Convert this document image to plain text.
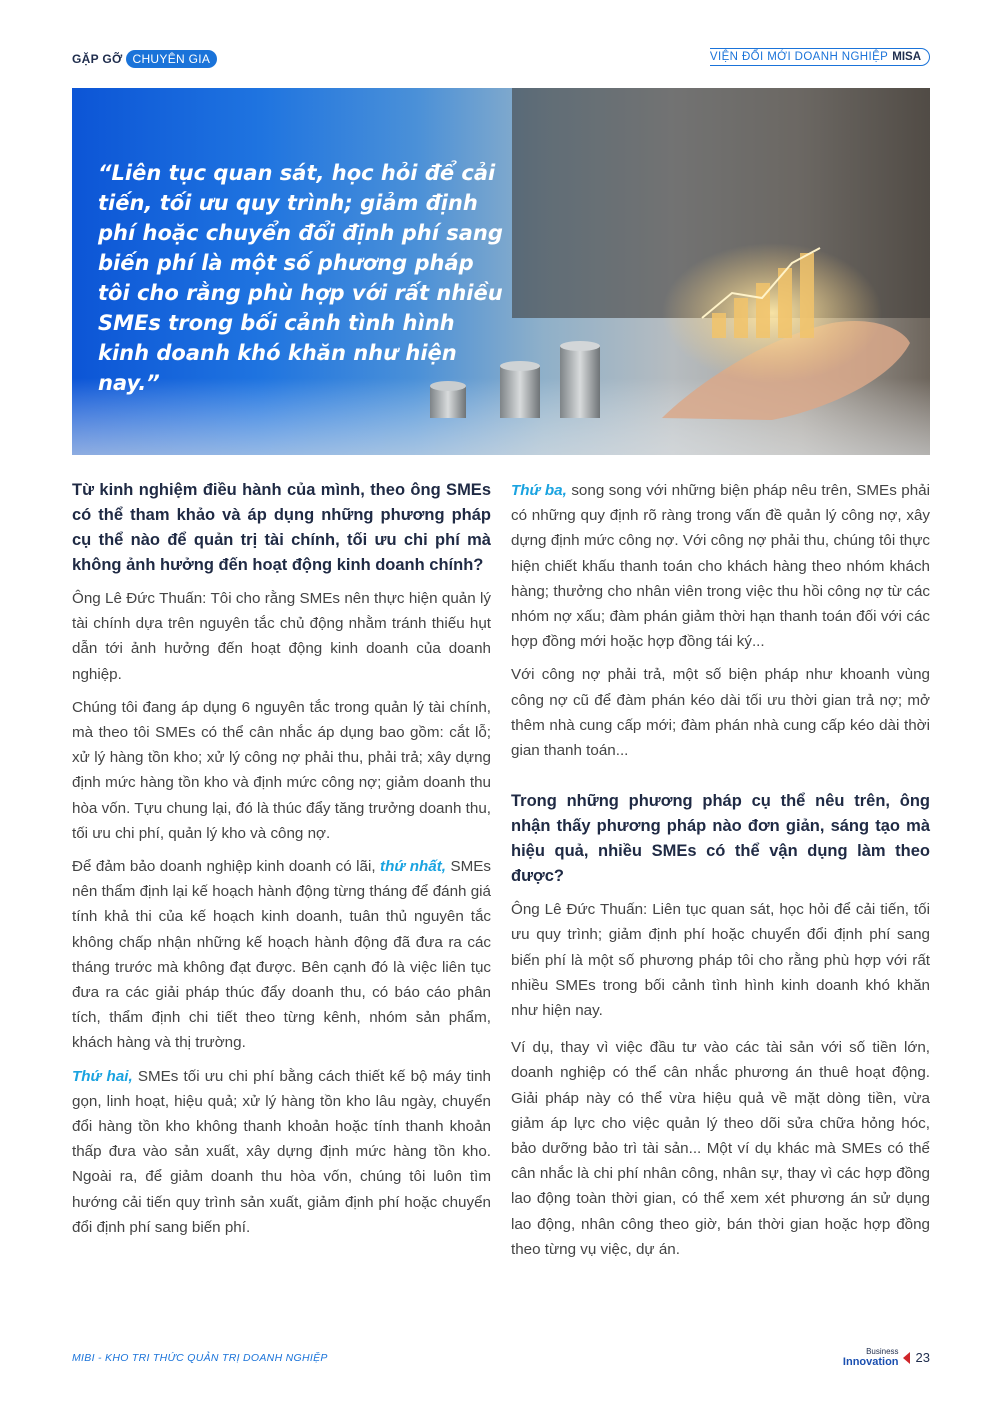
GẶP GỠ CHUYÊN GIA	VIỆN ĐỔI MỚI DOANH NGHIỆP MISA
“Liên tục quan sát, học hỏi để cải tiến, tối ưu quy trình; giảm định phí hoặc chuyển đổi định phí sang biến phí là một số phương pháp tôi cho rằng phù hợp với rất nhiều SMEs trong bối cảnh tình hình kinh doanh khó khăn như hiện nay.”

Từ kinh nghiệm điều hành của mình, theo ông SMEs có thể tham khảo và áp dụng những phương pháp cụ thể nào để quản trị tài chính, tối ưu chi phí mà không ảnh hưởng đến hoạt động kinh doanh chính?

Ông Lê Đức Thuấn: Tôi cho rằng SMEs nên thực hiện quản lý tài chính dựa trên nguyên tắc chủ động nhằm tránh thiếu hụt dẫn tới ảnh hưởng đến hoạt động kinh doanh của doanh nghiệp.

Chúng tôi đang áp dụng 6 nguyên tắc trong quản lý tài chính, mà theo tôi SMEs có thể cân nhắc áp dụng bao gồm: cắt lỗ; xử lý hàng tồn kho; xử lý công nợ phải thu, phải trả; xây dựng định mức hàng tồn kho và định mức công nợ; giảm doanh thu hòa vốn. Tựu chung lại, đó là thúc đẩy tăng trưởng doanh thu, tối ưu chi phí, quản lý kho và công nợ.

Để đảm bảo doanh nghiệp kinh doanh có lãi, thứ nhất, SMEs nên thẩm định lại kế hoạch hành động từng tháng để đánh giá tính khả thi của kế hoạch kinh doanh, tuân thủ nguyên tắc không chấp nhận những kế hoạch hành động đã đưa ra các tháng trước mà không đạt được. Bên cạnh đó là việc liên tục đưa ra các giải pháp thúc đẩy doanh thu, có báo cáo phân tích, thẩm định chi tiết theo từng kênh, nhóm sản phẩm, khách hàng và thị trường.

Thứ hai, SMEs tối ưu chi phí bằng cách thiết kế bộ máy tinh gọn, linh hoạt, hiệu quả; xử lý hàng tồn kho lâu ngày, chuyển đổi hàng tồn kho không thanh khoản hoặc tính thanh khoản thấp đưa vào sản xuất, xây dựng định mức hàng tồn kho. Ngoài ra, để giảm doanh thu hòa vốn, chúng tôi luôn tìm hướng cải tiến quy trình sản xuất, giảm định phí hoặc chuyển đổi định phí sang biến phí.

Thứ ba, song song với những biện pháp nêu trên, SMEs phải có những quy định rõ ràng trong vấn đề quản lý công nợ, xây dựng định mức công nợ. Với công nợ phải thu, chúng tôi thực hiện chiết khấu thanh toán cho khách hàng theo nhóm khách hàng; thưởng cho nhân viên trong việc thu hồi công nợ từ các nhóm nợ xấu; đàm phán giảm thời hạn thanh toán đối với các hợp đồng mới hoặc hợp đồng tái ký...

Với công nợ phải trả, một số biện pháp như khoanh vùng công nợ cũ để đàm phán kéo dài tối ưu thời gian trả nợ; mở thêm nhà cung cấp mới; đàm phán nhà cung cấp kéo dài thời gian thanh toán...

Trong những phương pháp cụ thể nêu trên, ông nhận thấy phương pháp nào đơn giản, sáng tạo mà hiệu quả, nhiều SMEs có thể vận dụng làm theo được?

Ông Lê Đức Thuấn: Liên tục quan sát, học hỏi để cải tiến, tối ưu quy trình; giảm định phí hoặc chuyển đổi định phí sang biến phí là một số phương pháp tôi cho rằng phù hợp với rất nhiều SMEs trong bối cảnh tình hình kinh doanh khó khăn như hiện nay.

Ví dụ, thay vì việc đầu tư vào các tài sản với số tiền lớn, doanh nghiệp có thể cân nhắc phương án thuê hoạt động. Giải pháp này có thể vừa hiệu quả về mặt dòng tiền, vừa giảm áp lực cho việc quản lý theo dõi sửa chữa hỏng hóc, bảo dưỡng bảo trì tài sản... Một ví dụ khác mà SMEs có thể cân nhắc là chi phí nhân công, nhân sự, thay vì các hợp đồng lao động toàn thời gian, có thể xem xét phương án sử dụng lao động, nhân công theo giờ, bán thời gian hoặc hợp đồng theo từng vụ việc, dự án.

MIBI - KHO TRI THỨC QUẢN TRỊ DOANH NGHIỆP
Business
Innovation 23
